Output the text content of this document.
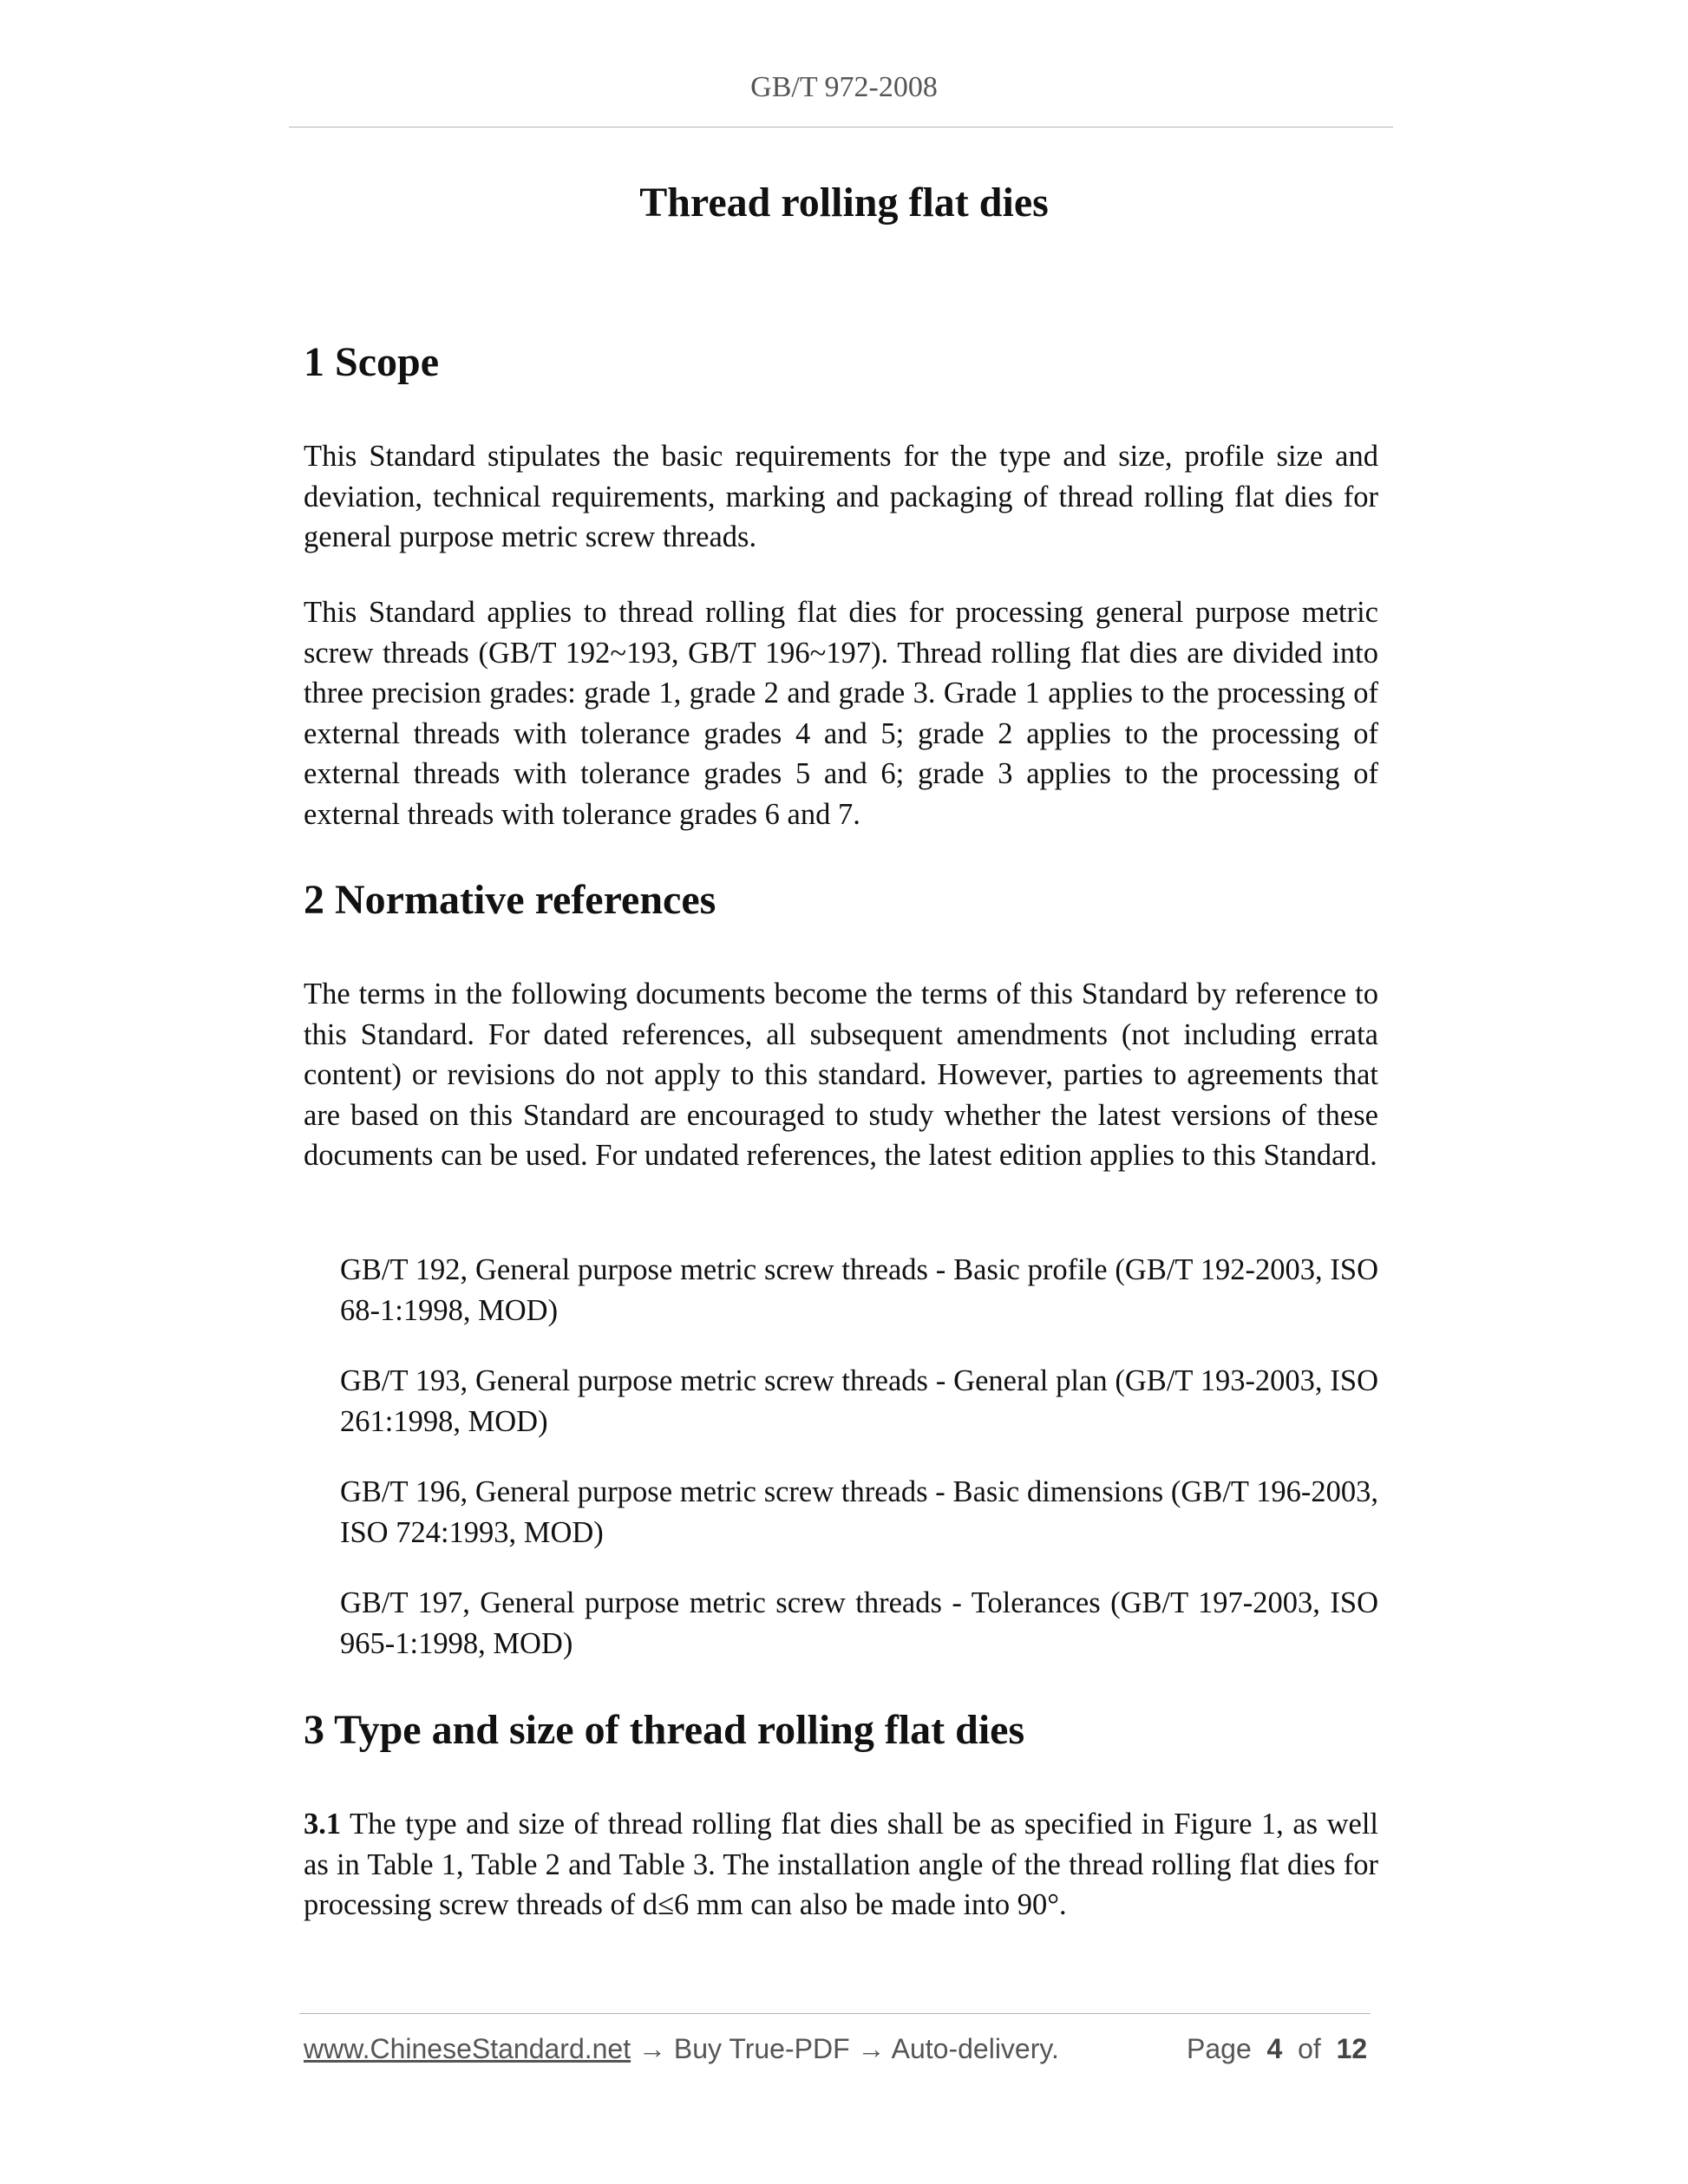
GB/T 972-2008
Thread rolling flat dies
1 Scope

This Standard stipulates the basic requirements for the type and size, profile size and deviation, technical requirements, marking and packaging of thread rolling flat dies for general purpose metric screw threads.

This Standard applies to thread rolling flat dies for processing general purpose metric screw threads (GB/T 192~193, GB/T 196~197). Thread rolling flat dies are divided into three precision grades: grade 1, grade 2 and grade 3. Grade 1 applies to the processing of external threads with tolerance grades 4 and 5; grade 2 applies to the processing of external threads with tolerance grades 5 and 6; grade 3 applies to the processing of external threads with tolerance grades 6 and 7.

2 Normative references

The terms in the following documents become the terms of this Standard by reference to this Standard. For dated references, all subsequent amendments (not including errata content) or revisions do not apply to this standard. However, parties to agreements that are based on this Standard are encouraged to study whether the latest versions of these documents can be used. For undated references, the latest edition applies to this Standard.

GB/T 192, General purpose metric screw threads - Basic profile (GB/T 192-2003, ISO 68-1:1998, MOD)

GB/T 193, General purpose metric screw threads - General plan (GB/T 193-2003, ISO 261:1998, MOD)

GB/T 196, General purpose metric screw threads - Basic dimensions (GB/T 196-2003, ISO 724:1993, MOD)

GB/T 197, General purpose metric screw threads - Tolerances (GB/T 197-2003, ISO 965-1:1998, MOD)

3 Type and size of thread rolling flat dies

3.1 The type and size of thread rolling flat dies shall be as specified in Figure 1, as well as in Table 1, Table 2 and Table 3. The installation angle of the thread rolling flat dies for processing screw threads of d≤6 mm can also be made into 90°.

www.ChineseStandard.net → Buy True-PDF → Auto-delivery.	Page 4 of 12
